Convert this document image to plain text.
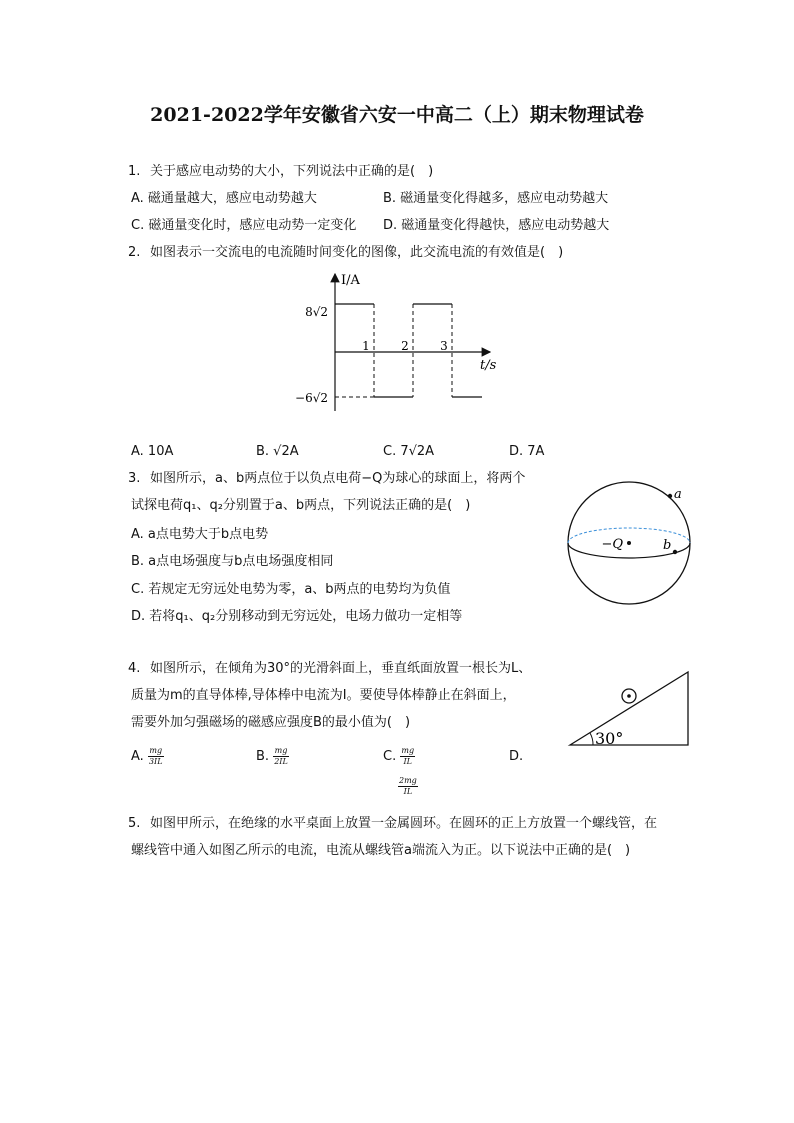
2021-2022学年安徽省六安一中高二（上）期末物理试卷
1. 关于感应电动势的大小，下列说法中正确的是(　)
A. 磁通量越大，感应电动势越大	B. 磁通量变化得越多，感应电动势越大
C. 磁通量变化时，感应电动势一定变化 D. 磁通量变化得越快，感应电动势越大
2. 如图表示一交流电的电流随时间变化的图像，此交流电流的有效值是(　)
I/A
t/s
8√2
−6√2
1	2	3
A. 10A	B. √2A	C. 7√2A	D. 7A
3. 如图所示，a、b两点位于以负点电荷−Q为球心的球面上，将两个
试探电荷q₁、q₂分别置于a、b两点，下列说法正确的是(　)
A. a点电势大于b点电势
B. a点电场强度与b点电场强度相同
C. 若规定无穷远处电势为零，a、b两点的电势均为负值
D. 若将q₁、q₂分别移动到无穷远处，电场力做功一定相等
−Q
a
b
4. 如图所示，在倾角为30°的光滑斜面上，垂直纸面放置一根长为L、
质量为m的直导体棒,导体棒中电流为I。要使导体棒静止在斜面上，
需要外加匀强磁场的磁感应强度B的最小值为(　)
30°
A. $\frac{mg}{3IL}$	B. $\frac{mg}{2IL}$	C. $\frac{mg}{IL}$	D.
$\frac{2mg}{IL}$
5. 如图甲所示，在绝缘的水平桌面上放置一金属圆环。在圆环的正上方放置一个螺线管，在
螺线管中通入如图乙所示的电流，电流从螺线管a端流入为正。以下说法中正确的是(　)
